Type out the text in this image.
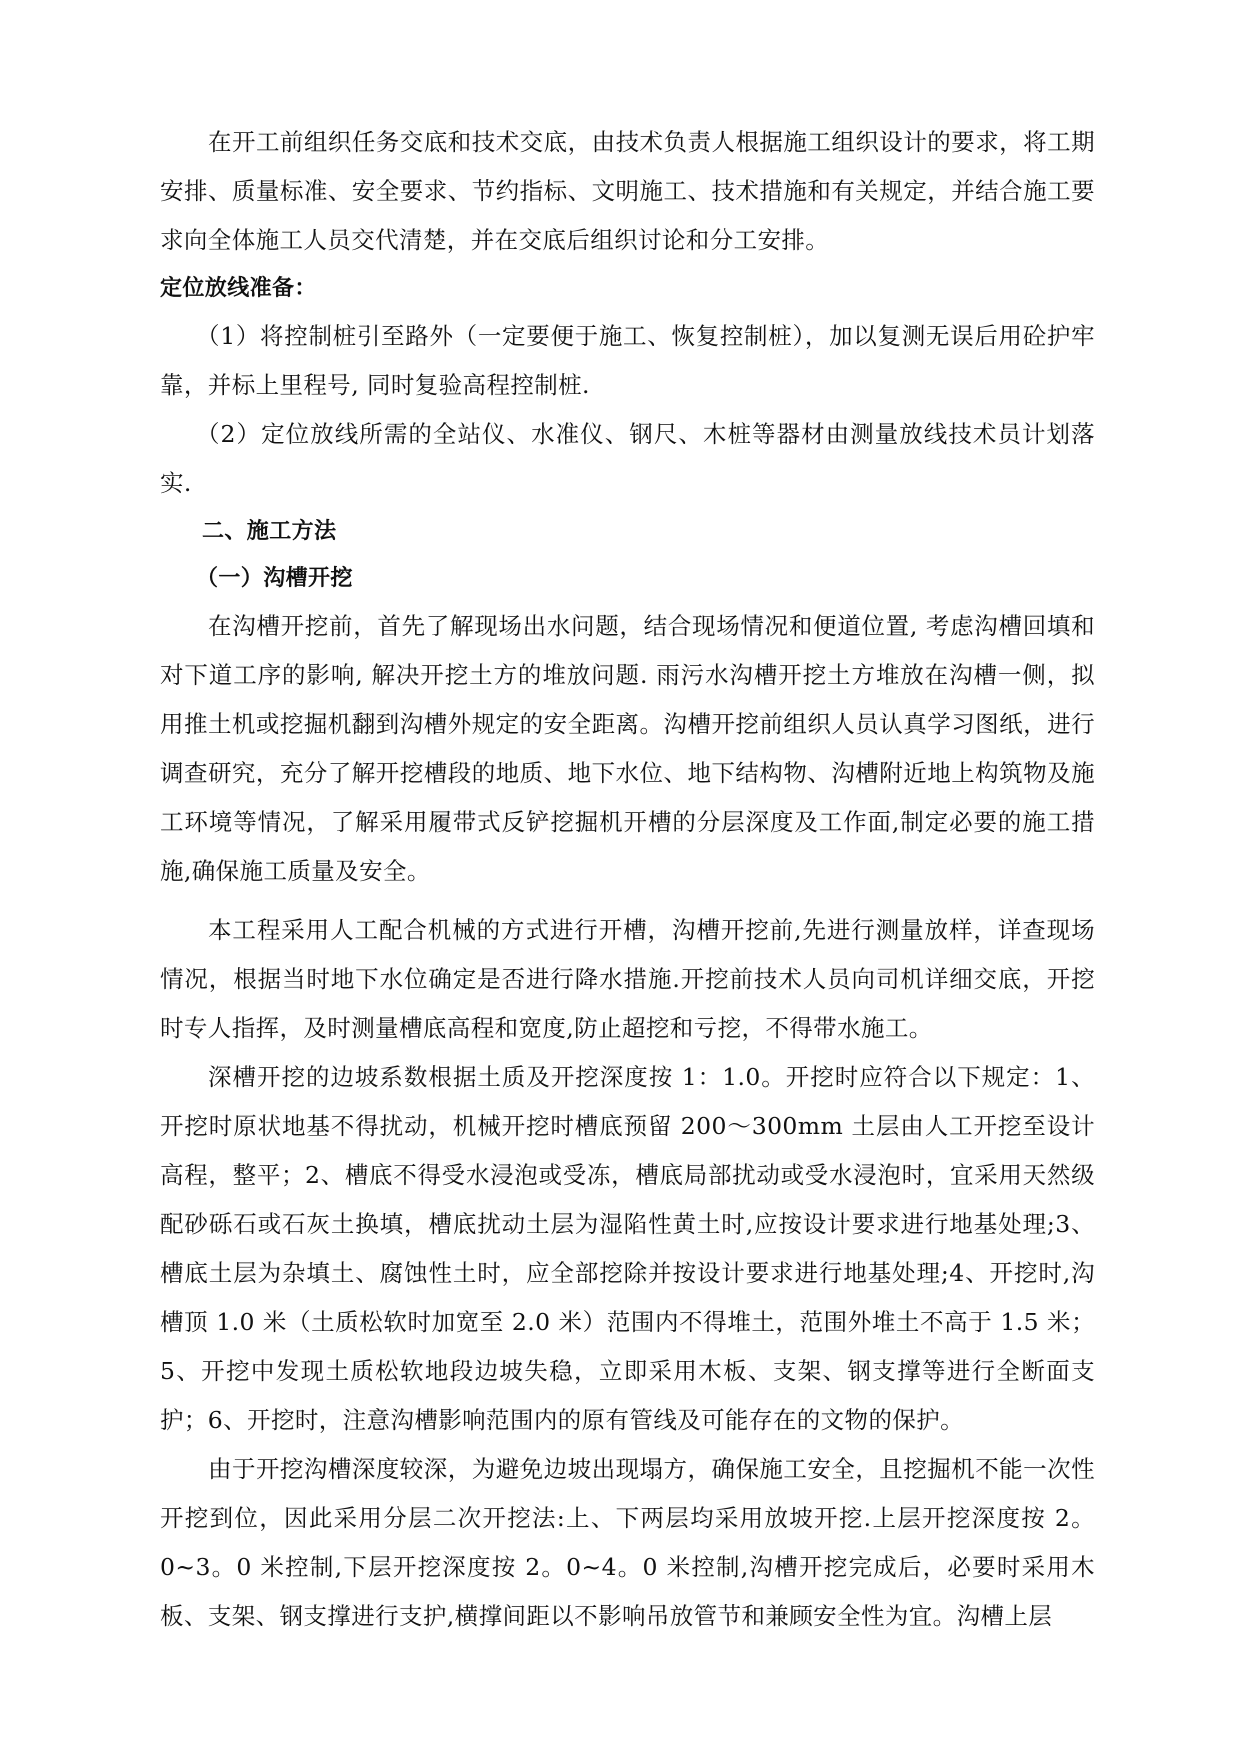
在开工前组织任务交底和技术交底，由技术负责人根据施工组织设计的要求，将工期安排、质量标准、安全要求、节约指标、文明施工、技术措施和有关规定，并结合施工要求向全体施工人员交代清楚，并在交底后组织讨论和分工安排。

定位放线准备：

（1）将控制桩引至路外（一定要便于施工、恢复控制桩），加以复测无误后用砼护牢靠，并标上里程号, 同时复验高程控制桩.

（2）定位放线所需的全站仪、水准仪、钢尺、木桩等器材由测量放线技术员计划落实.

二、施工方法

（一）沟槽开挖

在沟槽开挖前，首先了解现场出水问题，结合现场情况和便道位置, 考虑沟槽回填和对下道工序的影响, 解决开挖土方的堆放问题. 雨污水沟槽开挖土方堆放在沟槽一侧，拟用推土机或挖掘机翻到沟槽外规定的安全距离。沟槽开挖前组织人员认真学习图纸，进行调查研究，充分了解开挖槽段的地质、地下水位、地下结构物、沟槽附近地上构筑物及施工环境等情况，了解采用履带式反铲挖掘机开槽的分层深度及工作面,制定必要的施工措施,确保施工质量及安全。

本工程采用人工配合机械的方式进行开槽，沟槽开挖前,先进行测量放样，详查现场情况，根据当时地下水位确定是否进行降水措施.开挖前技术人员向司机详细交底，开挖时专人指挥，及时测量槽底高程和宽度,防止超挖和亏挖，不得带水施工。

深槽开挖的边坡系数根据土质及开挖深度按 1：1.0。开挖时应符合以下规定：1、开挖时原状地基不得扰动，机械开挖时槽底预留 200～300mm 土层由人工开挖至设计高程，整平；2、槽底不得受水浸泡或受冻，槽底局部扰动或受水浸泡时，宜采用天然级配砂砾石或石灰土换填，槽底扰动土层为湿陷性黄土时,应按设计要求进行地基处理;3、槽底土层为杂填土、腐蚀性土时，应全部挖除并按设计要求进行地基处理;4、开挖时,沟槽顶 1.0 米（土质松软时加宽至 2.0 米）范围内不得堆土，范围外堆土不高于 1.5 米；5、开挖中发现土质松软地段边坡失稳，立即采用木板、支架、钢支撑等进行全断面支护；6、开挖时，注意沟槽影响范围内的原有管线及可能存在的文物的保护。

由于开挖沟槽深度较深，为避免边坡出现塌方，确保施工安全，且挖掘机不能一次性开挖到位，因此采用分层二次开挖法:上、下两层均采用放坡开挖.上层开挖深度按 2。0~3。0 米控制,下层开挖深度按 2。0~4。0 米控制,沟槽开挖完成后，必要时采用木板、支架、钢支撑进行支护,横撑间距以不影响吊放管节和兼顾安全性为宜。沟槽上层
